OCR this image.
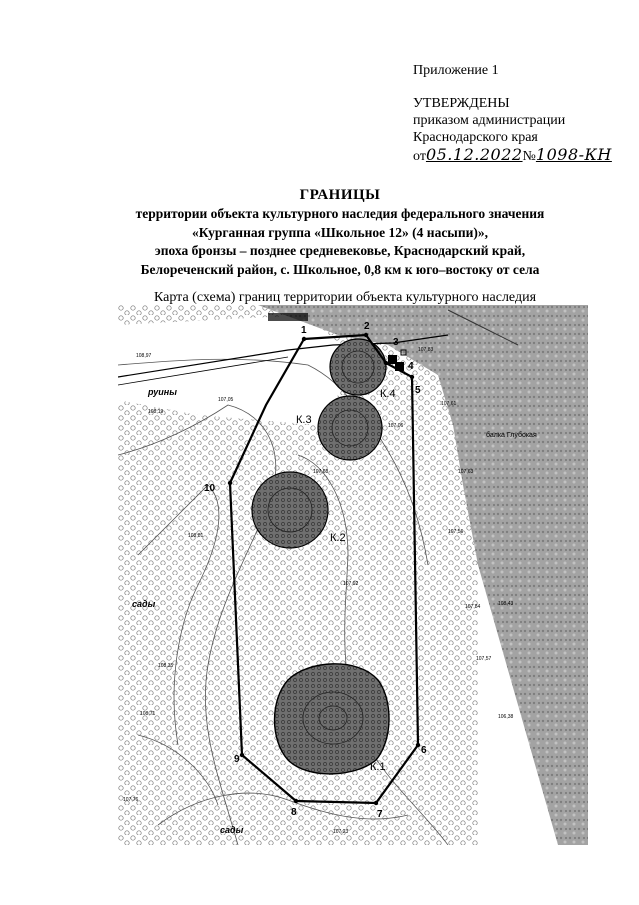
Приложение 1
УТВЕРЖДЕНЫ
приказом администрации
Краснодарского края
от05.12.2022№1098-КН
ГРАНИЦЫ
территории объекта культурного наследия федерального значения
«Курганная группа «Школьное 12» (4 насыпи)»,
эпоха бронзы – позднее средневековье, Краснодарский край,
Белореченский район, с. Школьное, 0,8 км к юго–востоку от села
Карта (схема) границ территории объекта культурного наследия
1	2
3
4
5
6
7
8
9
10
К.4
К.3
К.2
К.1
руины
сады
сады
балка Глубокая
108,97
108,19
107,05
107,83
107,61
107,06
107,68	107,63
108,81
107,56
107,84
107,57
108,35
108,71
107,92
108,43
106,38
107,23
107,76
